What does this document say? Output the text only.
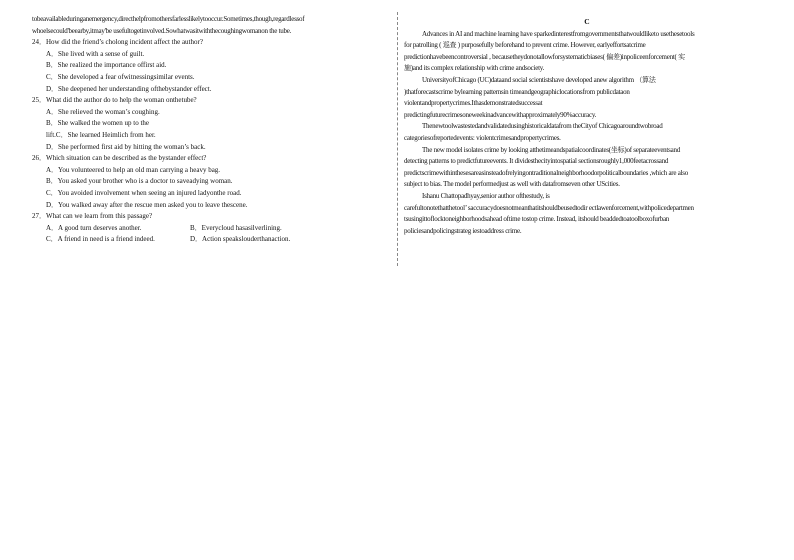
tobeavailableduringanemergency,directhelpfromothersfarlesslikelytooccur.Sometimes,though,regardlessof
whoelsecould'beearby,itmay'be usefultogetinvolved.Sowhatwasitwiththecoughingwomanon the tube.
24．How did the friend’s cholong incident affect the author?
A．She lived with a sense of guilt.
B．She realized the importance offirst aid.
C．She developed a fear ofwitnessingsimilar events.
D．She deepened her understanding ofthebystander effect.
25．What did the author do to help the woman onthetube?
A．She relieved the woman’s coughing.
B．She walked the women up to the
lift.C．She learned Heimlich from her.
D．She performed first aid by hitting the woman’s back.
26．Which situation can be described as the bystander effect?
A．You volunteered to help an old man carrying a heavy bag.
B．You asked your brother who is a doctor to saveadying woman.
C．You avoided involvement when seeing an injured ladyonthe road.
D．You walked away after the rescue men asked you to leave thescene.
27．What can we learn from this passage?
A．A good turn deserves another.	B．Everycloud hasasilverlining.
C．A friend in need is a friend indeed.	D．Action speakslouderthanaction.
C
Advances in AI and machine learning have sparkedinterestfromgovernmentsthatwouldliketo usethesetools
for patrolling ( 巡查 ) purposefully beforehand to prevent crime. However, earlyeffortsatcrime
predictionhavebeencontroversial , becausetheydonotallowforsystematicbiases( 偏差)inpoliceenforcement( 实
施)and its complex relationship with crime andsociety.
UniversityofChicago (UC)dataand social scientistshave developed anew algorithm （算法
)thatforecastscrime bylearning patternsin timeandgeographiclocationsfrom publicdataon
violentandpropertycrimes.Ithasdemonstratedsuccessat
predictingfuturecrimesoneweekinadvancewithapproximately90%accuracy.
Thenewtoolwastestedandvalidatedusinghistoricaldatafrom theCityof Chicagoaroundtwobroad
categoriesofreportedevents: violentcrimesandpropertycrimes.
The new model isolates crime by looking atthetimeandspatialcoordinates(坐标)of separateeventsand
detecting patterns to predictfutureevents. It dividesthecityintospatial sectionsroughly1,000feetacrossand
predictscrimewithinthesesareasinsteadofrelyingontraditionalneighborhoodorpoliticalboundaries ,which are also
subject to bias. The model performedjust as well with datafromseven other UScities.
Ishanu Chattopadhyay,senior author ofthestudy, is
carefultonotethatthetool’ saccuracydoesnotmeanthatitshouldbeusedtodir ectlawenforcement,withpolicedepartmen
tsusingittoflocktoneighborhoodsahead oftime tostop crime. Instead, itshould beaddedtoatoolboxofurban
policiesandpolicingstrateg iestoaddress crime.
